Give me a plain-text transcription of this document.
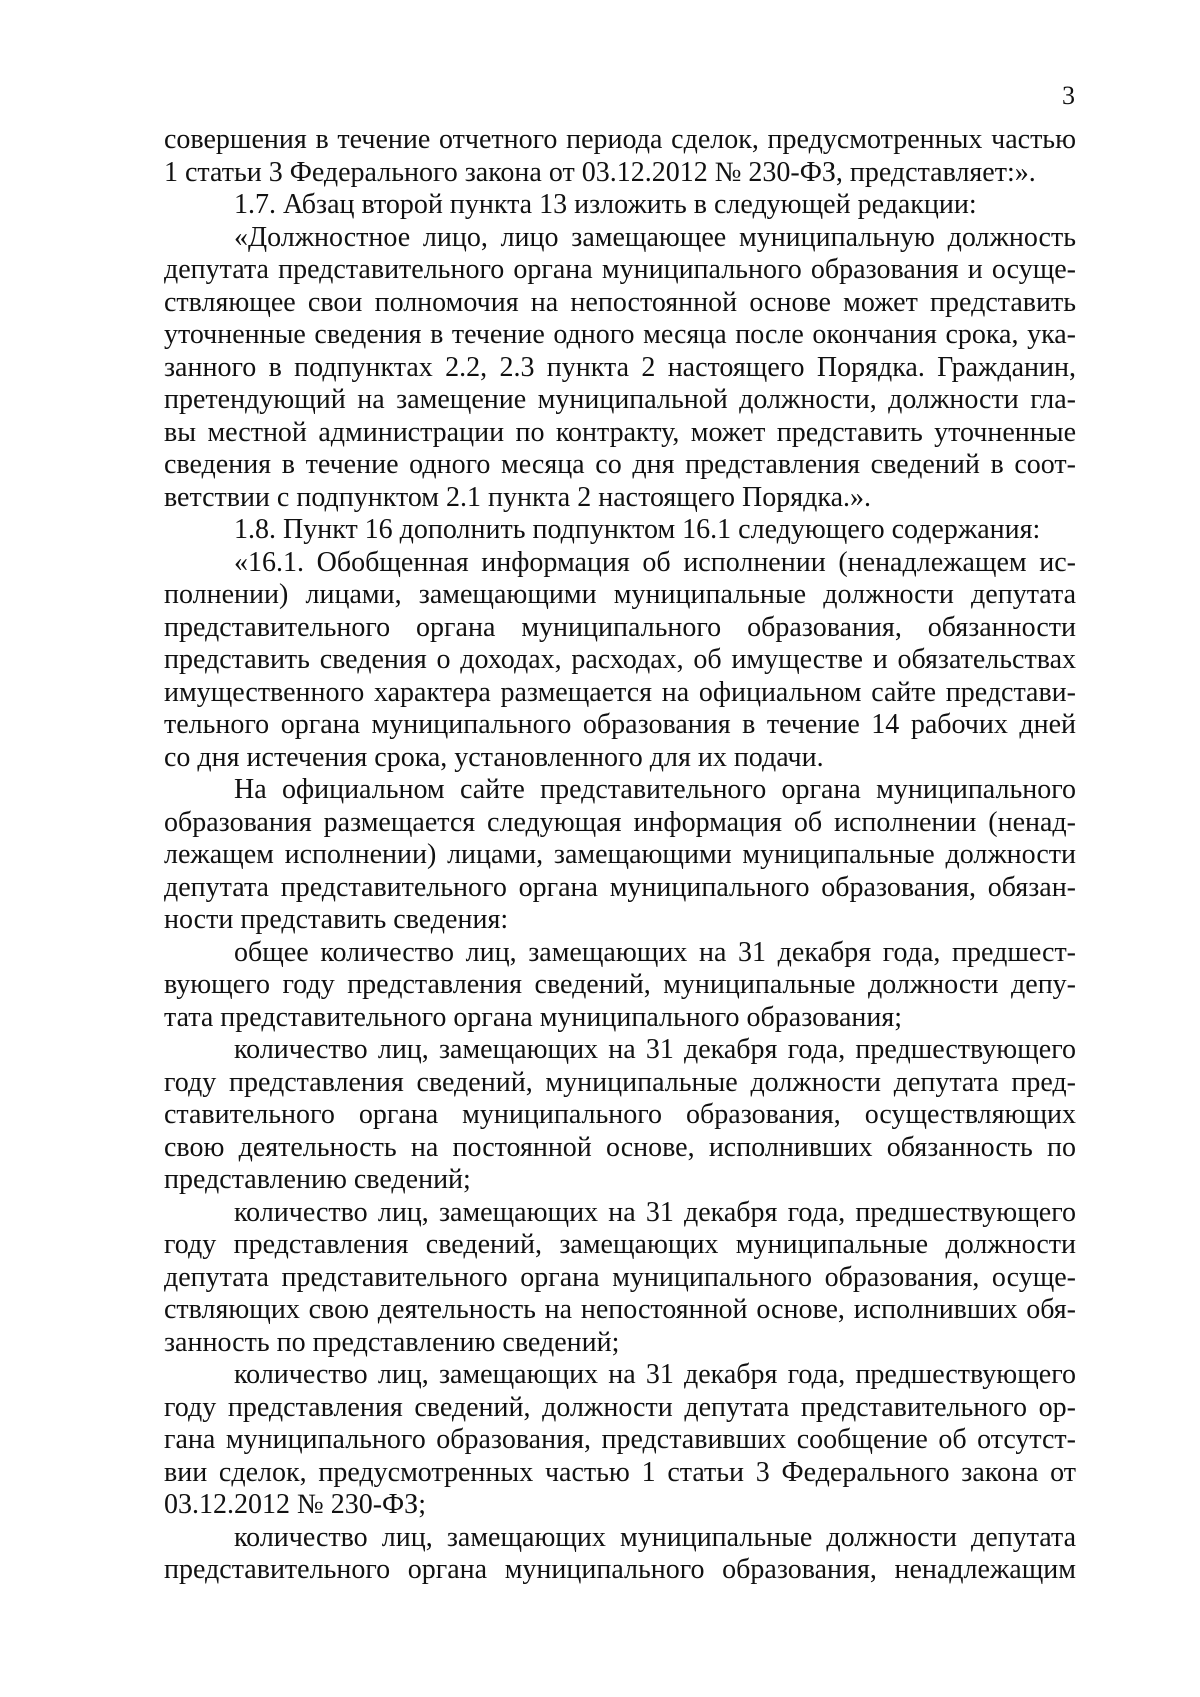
3

совершения в течение отчетного периода сделок, предусмотренных частью

1 статьи 3 Федерального закона от 03.12.2012 № 230-ФЗ, представляет:».

1.7. Абзац второй пункта 13 изложить в следующей редакции:

«Должностное лицо, лицо замещающее муниципальную должность

депутата представительного органа муниципального образования и осуще-

ствляющее свои полномочия на непостоянной основе может представить

уточненные сведения в течение одного месяца после окончания срока, ука-

занного в подпунктах 2.2, 2.3 пункта 2 настоящего Порядка. Гражданин,

претендующий на замещение муниципальной должности, должности гла-

вы местной администрации по контракту, может представить уточненные

сведения в течение одного месяца со дня представления сведений в соот-

ветствии с подпунктом 2.1 пункта 2 настоящего Порядка.».

1.8. Пункт 16 дополнить подпунктом 16.1 следующего содержания:

«16.1. Обобщенная информация об исполнении (ненадлежащем ис-

полнении) лицами, замещающими муниципальные должности депутата

представительного органа муниципального образования, обязанности

представить сведения о доходах, расходах, об имуществе и обязательствах

имущественного характера размещается на официальном сайте представи-

тельного органа муниципального образования в течение 14 рабочих дней

со дня истечения срока, установленного для их подачи.

На официальном сайте представительного органа муниципального

образования размещается следующая информация об исполнении (ненад-

лежащем исполнении) лицами, замещающими муниципальные должности

депутата представительного органа муниципального образования, обязан-

ности представить сведения:

общее количество лиц, замещающих на 31 декабря года, предшест-

вующего году представления сведений, муниципальные должности депу-

тата представительного органа муниципального образования;

количество лиц, замещающих на 31 декабря года, предшествующего

году представления сведений, муниципальные должности депутата пред-

ставительного органа муниципального образования, осуществляющих

свою деятельность на постоянной основе, исполнивших обязанность по

представлению сведений;

количество лиц, замещающих на 31 декабря года, предшествующего

году представления сведений, замещающих муниципальные должности

депутата представительного органа муниципального образования, осуще-

ствляющих свою деятельность на непостоянной основе, исполнивших обя-

занность по представлению сведений;

количество лиц, замещающих на 31 декабря года, предшествующего

году представления сведений, должности депутата представительного ор-

гана муниципального образования, представивших сообщение об отсутст-

вии сделок, предусмотренных частью 1 статьи 3 Федерального закона от

03.12.2012 № 230-ФЗ;

количество лиц, замещающих муниципальные должности депутата

представительного органа муниципального образования, ненадлежащим
